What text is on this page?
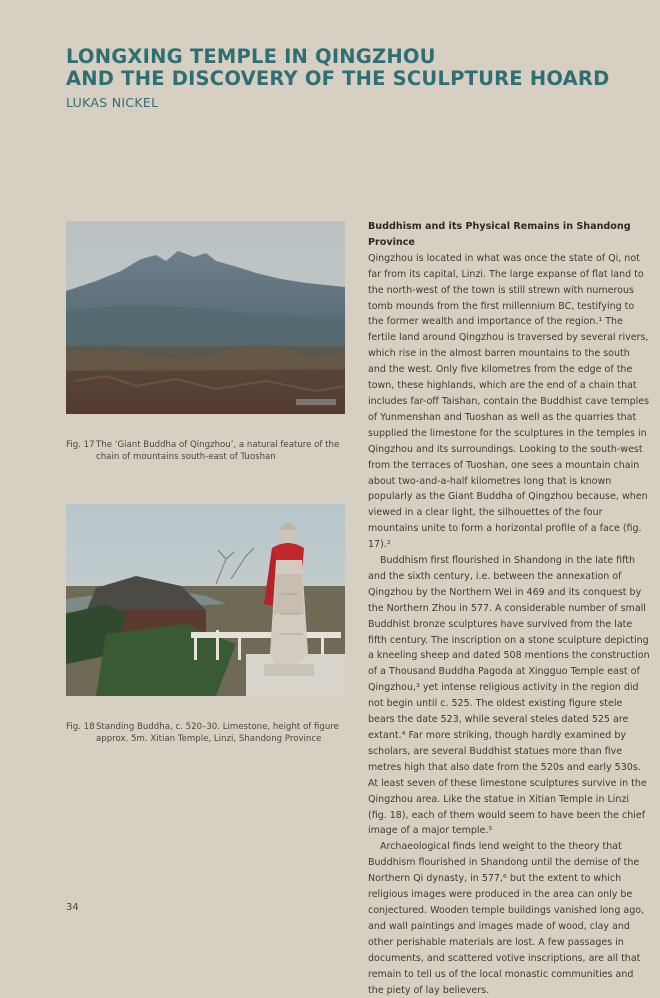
LONGXING TEMPLE IN QINGZHOU
AND THE DISCOVERY OF THE SCULPTURE HOARD

LUKAS NICKEL

Fig. 17 The ‘Giant Buddha of Qingzhou’, a natural feature of the chain of mountains south-east of Tuoshan
Fig. 18 Standing Buddha, c. 520–30. Limestone, height of figure approx. 5m. Xitian Temple, Linzi, Shandong Province
Buddhism and its Physical Remains in Shandong Province

Qingzhou is located in what was once the state of Qi, not far from its capital, Linzi. The large expanse of flat land to the north-west of the town is still strewn with numerous tomb mounds from the first millennium BC, testifying to the former wealth and importance of the region.¹ The fertile land around Qingzhou is traversed by several rivers, which rise in the almost barren mountains to the south and the west. Only five kilometres from the edge of the town, these highlands, which are the end of a chain that includes far-off Taishan, contain the Buddhist cave temples of Yunmenshan and Tuoshan as well as the quarries that supplied the limestone for the sculptures in the temples in Qingzhou and its surroundings. Looking to the south-west from the terraces of Tuoshan, one sees a mountain chain about two-and-a-half kilometres long that is known popularly as the Giant Buddha of Qingzhou because, when viewed in a clear light, the silhouettes of the four mountains unite to form a horizontal profile of a face (fig. 17).²

Buddhism first flourished in Shandong in the late fifth and the sixth century, i.e. between the annexation of Qingzhou by the Northern Wei in 469 and its conquest by the Northern Zhou in 577. A considerable number of small Buddhist bronze sculptures have survived from the late fifth century. The inscription on a stone sculpture depicting a kneeling sheep and dated 508 mentions the construction of a Thousand Buddha Pagoda at Xingguo Temple east of Qingzhou,³ yet intense religious activity in the region did not begin until c. 525. The oldest existing figure stele bears the date 523, while several steles dated 525 are extant.⁴ Far more striking, though hardly examined by scholars, are several Buddhist statues more than five metres high that also date from the 520s and early 530s. At least seven of these limestone sculptures survive in the Qingzhou area. Like the statue in Xitian Temple in Linzi (fig. 18), each of them would seem to have been the chief image of a major temple.⁵

Archaeological finds lend weight to the theory that Buddhism flourished in Shandong until the demise of the Northern Qi dynasty, in 577,⁶ but the extent to which religious images were produced in the area can only be conjectured. Wooden temple buildings vanished long ago, and wall paintings and images made of wood, clay and other perishable materials are lost. A few passages in documents, and scattered votive inscriptions, are all that remain to tell us of the local monastic communities and the piety of lay believers.

34
